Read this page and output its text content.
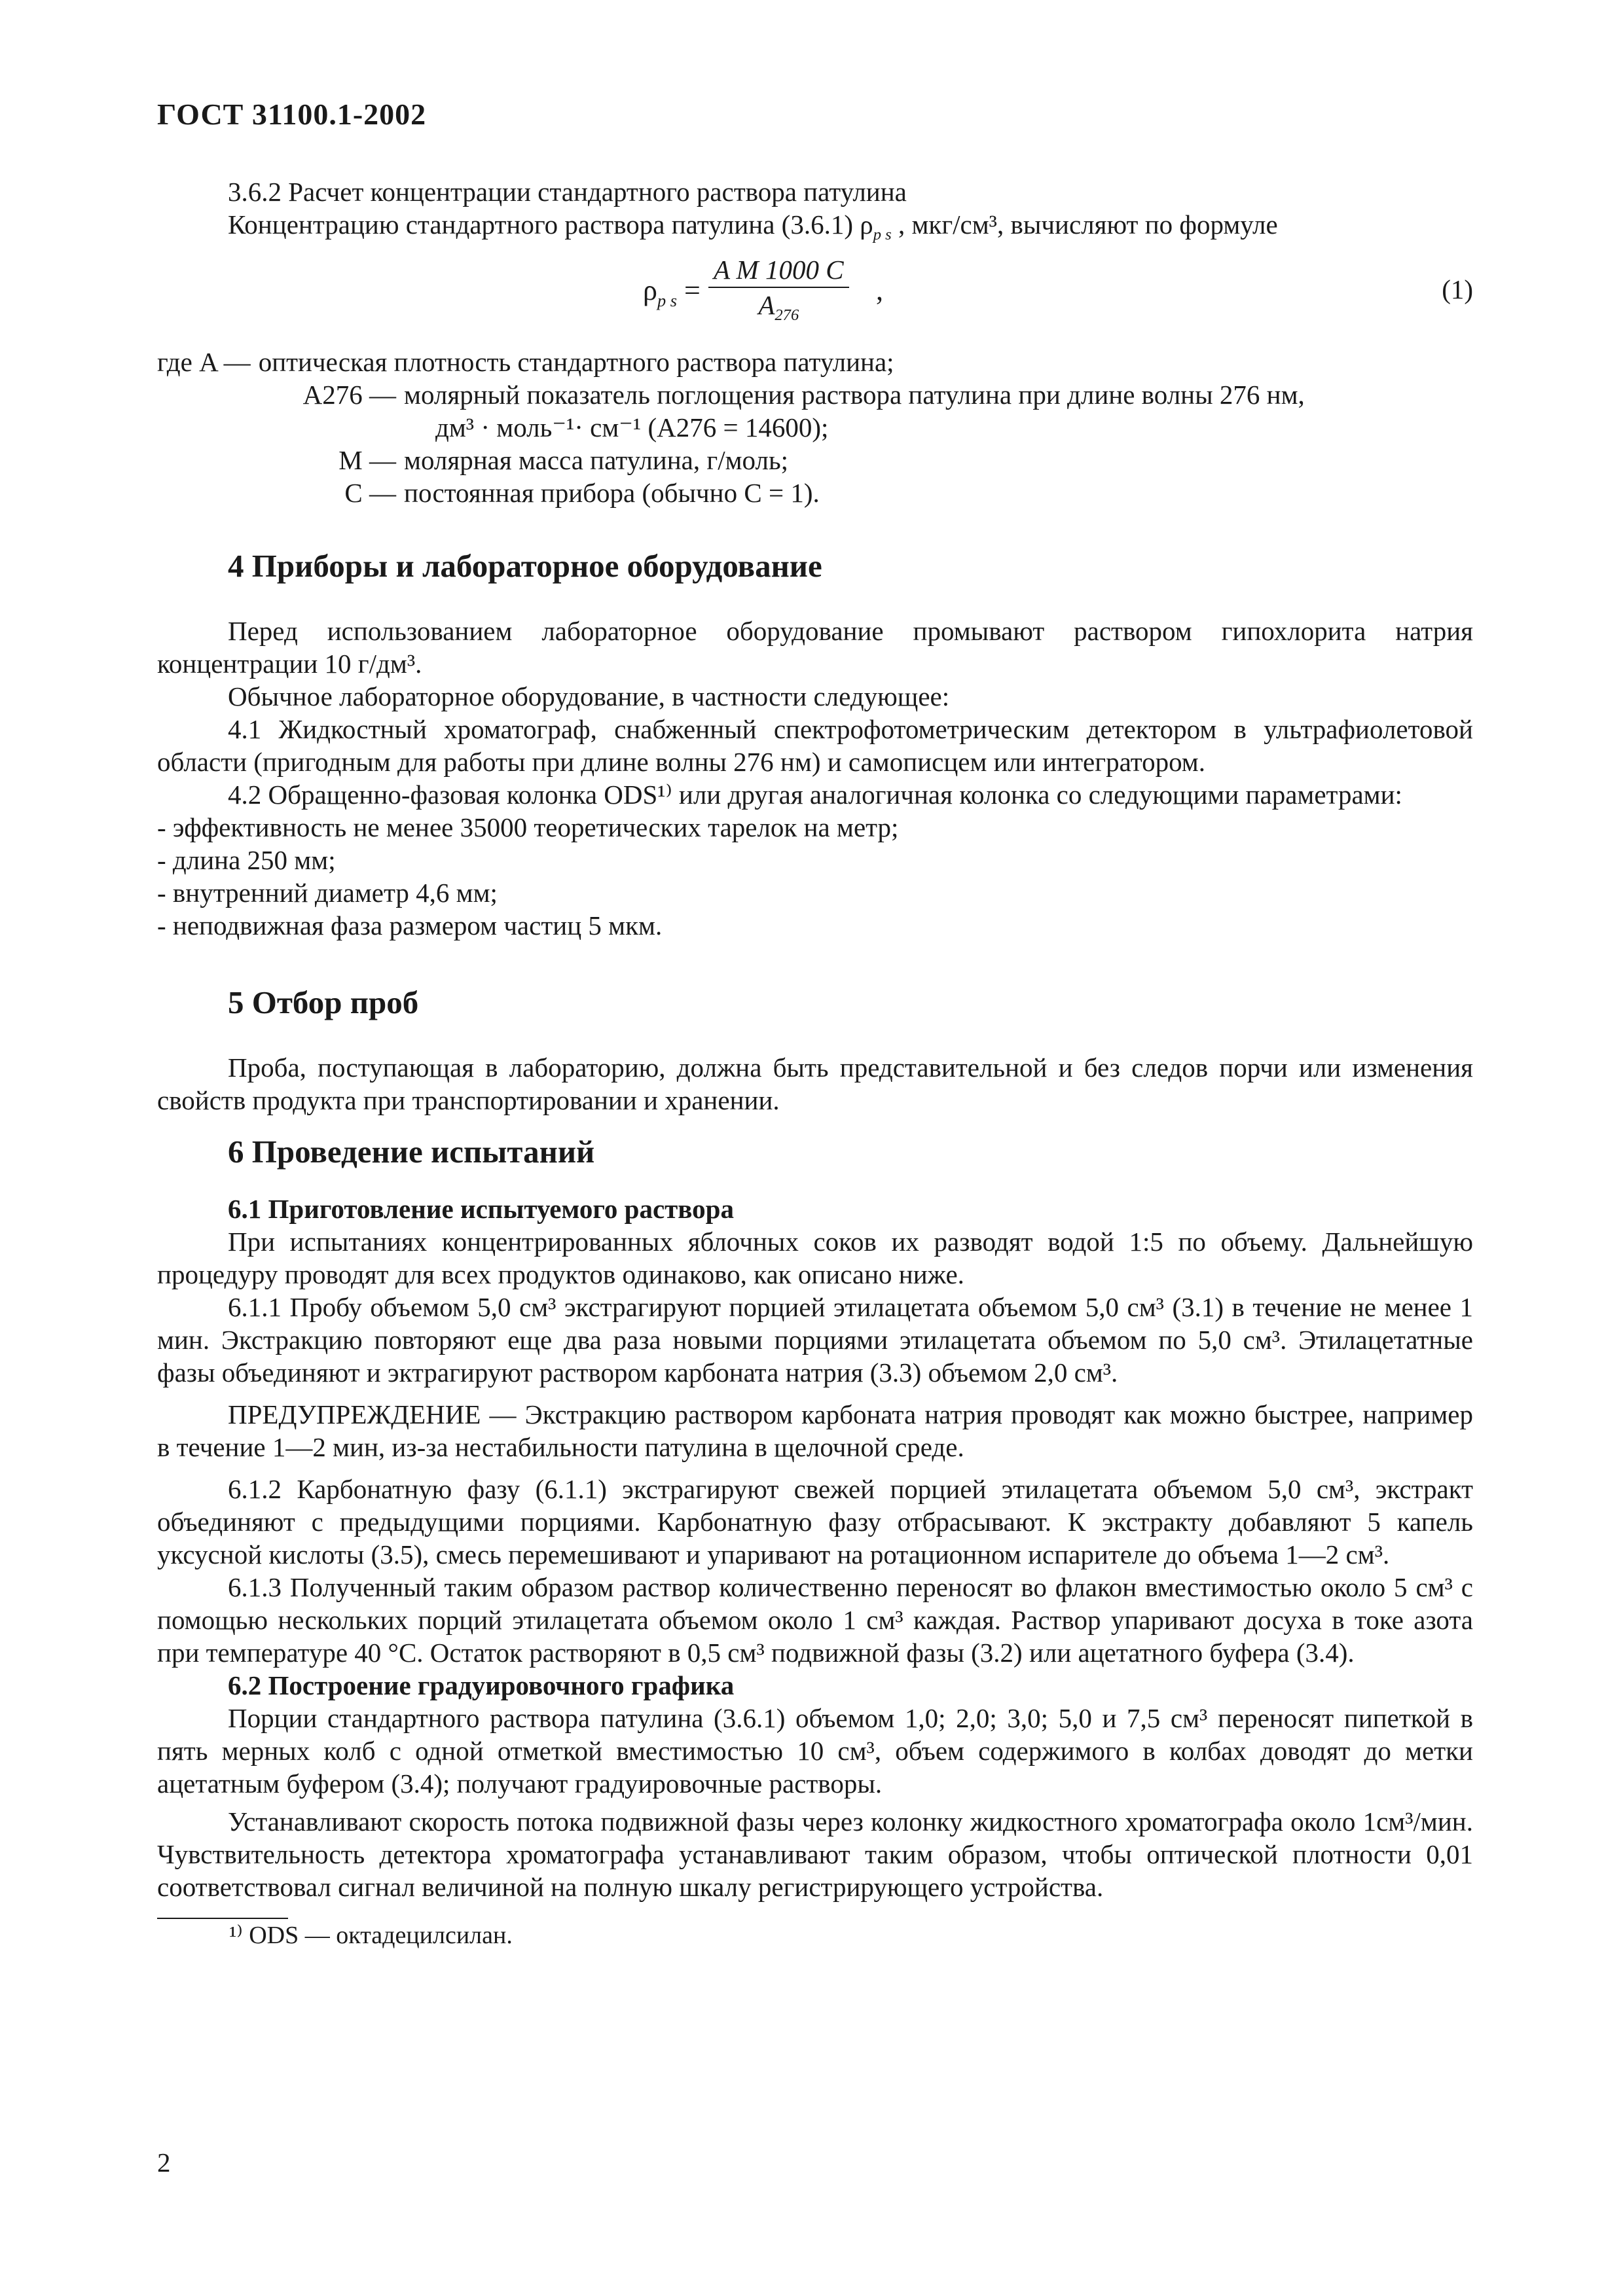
ГОСТ 31100.1-2002

3.6.2 Расчет концентрации стандартного раствора патулина

Концентрацию стандартного раствора патулина (3.6.1) $\rho_{p s}$ , мкг/см³, вычисляют по формуле

$\rho_{p s} = \frac{\text{A M 1000 C}}{A_{276}}$ ,	(1)
где A — оптическая плотность стандартного раствора патулина;
A276 — молярный показатель поглощения раствора патулина при длине волны 276 нм,
дм³ · моль⁻¹· см⁻¹ (A276 = 14600);
M — молярная масса патулина, г/моль;
C — постоянная прибора (обычно C = 1).
4 Приборы и лабораторное оборудование

Перед использованием лабораторное оборудование промывают раствором гипохлорита натрия концентрации 10 г/дм³.

Обычное лабораторное оборудование, в частности следующее:

4.1 Жидкостный хроматограф, снабженный спектрофотометрическим детектором в ультрафиолетовой области (пригодным для работы при длине волны 276 нм) и самописцем или интегратором.

4.2 Обращенно-фазовая колонка ODS¹⁾ или другая аналогичная колонка со следующими параметрами:

- эффективность не менее 35000 теоретических тарелок на метр;

- длина 250 мм;

- внутренний диаметр 4,6 мм;

- неподвижная фаза размером частиц 5 мкм.

5 Отбор проб

Проба, поступающая в лабораторию, должна быть представительной и без следов порчи или изменения свойств продукта при транспортировании и хранении.

6 Проведение испытаний
6.1 Приготовление испытуемого раствора

При испытаниях концентрированных яблочных соков их разводят водой 1:5 по объему. Дальнейшую процедуру проводят для всех продуктов одинаково, как описано ниже.

6.1.1 Пробу объемом 5,0 см³ экстрагируют порцией этилацетата объемом 5,0 см³ (3.1) в течение не менее 1 мин. Экстракцию повторяют еще два раза новыми порциями этилацетата объемом по 5,0 см³. Этилацетатные фазы объединяют и эктрагируют раствором карбоната натрия (3.3) объемом 2,0 см³.

ПРЕДУПРЕЖДЕНИЕ — Экстракцию раствором карбоната натрия проводят как можно быстрее, например в течение 1—2 мин, из-за нестабильности патулина в щелочной среде.

6.1.2 Карбонатную фазу (6.1.1) экстрагируют свежей порцией этилацетата объемом 5,0 см³, экстракт объединяют с предыдущими порциями. Карбонатную фазу отбрасывают. К экстракту добавляют 5 капель уксусной кислоты (3.5), смесь перемешивают и упаривают на ротационном испарителе до объема 1—2 см³.

6.1.3 Полученный таким образом раствор количественно переносят во флакон вместимостью около 5 см³ с помощью нескольких порций этилацетата объемом около 1 см³ каждая. Раствор упаривают досуха в токе азота при температуре 40 °С. Остаток растворяют в 0,5 см³ подвижной фазы (3.2) или ацетатного буфера (3.4).

6.2 Построение градуировочного графика

Порции стандартного раствора патулина (3.6.1) объемом 1,0; 2,0; 3,0; 5,0 и 7,5 см³ переносят пипеткой в пять мерных колб с одной отметкой вместимостью 10 см³, объем содержимого в колбах доводят до метки ацетатным буфером (3.4); получают градуировочные растворы.

Устанавливают скорость потока подвижной фазы через колонку жидкостного хроматографа около 1см³/мин. Чувствительность детектора хроматографа устанавливают таким образом, чтобы оптической плотности 0,01 соответствовал сигнал величиной на полную шкалу регистрирующего устройства.

¹⁾ ODS — октадецилсилан.

2
